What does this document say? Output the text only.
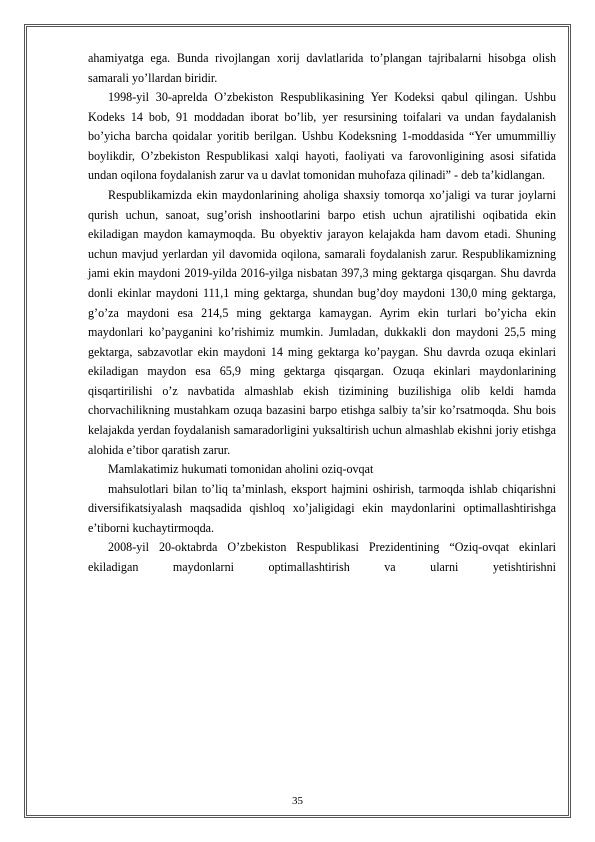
ahamiyatga ega. Bunda rivojlangan xorij davlatlarida to’plangan tajribalarni hisobga olish samarali yo’llardan biridir.

1998-yil 30-aprelda O’zbekiston Respublikasining Yer Kodeksi qabul qilingan. Ushbu Kodeks 14 bob, 91 moddadan iborat bo’lib, yer resursining toifalari va undan faydalanish bo’yicha barcha qoidalar yoritib berilgan. Ushbu Kodeksning 1-moddasida “Yer umummilliy boylikdir, O’zbekiston Respublikasi xalqi hayoti, faoliyati va farovonligining asosi sifatida undan oqilona foydalanish zarur va u davlat tomonidan muhofaza qilinadi” - deb ta’kidlangan.

Respublikamizda ekin maydonlarining aholiga shaxsiy tomorqa xo’jaligi va turar joylarni qurish uchun, sanoat, sug’orish inshootlarini barpo etish uchun ajratilishi oqibatida ekin ekiladigan maydon kamaymoqda. Bu obyektiv jarayon kelajakda ham davom etadi. Shuning uchun mavjud yerlardan yil davomida oqilona, samarali foydalanish zarur. Respublikamizning jami ekin maydoni 2019-yilda 2016-yilga nisbatan 397,3 ming gektarga qisqargan. Shu davrda donli ekinlar maydoni 111,1 ming gektarga, shundan bug’doy maydoni 130,0 ming gektarga, g’o’za maydoni esa 214,5 ming gektarga kamaygan. Ayrim ekin turlari bo’yicha ekin maydonlari ko’payganini ko’rishimiz mumkin. Jumladan, dukkakli don maydoni 25,5 ming gektarga, sabzavotlar ekin maydoni 14 ming gektarga ko’paygan. Shu davrda ozuqa ekinlari ekiladigan maydon esa 65,9 ming gektarga qisqargan. Ozuqa ekinlari maydonlarining qisqartirilishi o’z navbatida almashlab ekish tizimining buzilishiga olib keldi hamda chorvachilikning mustahkam ozuqa bazasini barpo etishga salbiy ta’sir ko’rsatmoqda. Shu bois kelajakda yerdan foydalanish samaradorligini yuksaltirish uchun almashlab ekishni joriy etishga alohida e’tibor qaratish zarur.

Mamlakatimiz hukumati tomonidan aholini oziq-ovqat

mahsulotlari bilan to’liq ta’minlash, eksport hajmini oshirish, tarmoqda ishlab chiqarishni diversifikatsiyalash maqsadida qishloq xo’jaligidagi ekin maydonlarini optimallashtirishga e’tiborni kuchaytirmoqda.

2008-yil 20-oktabrda O’zbekiston Respublikasi Prezidentining “Oziq-ovqat ekinlari ekiladigan maydonlarni optimallashtirish va ularni yetishtirishni

35
